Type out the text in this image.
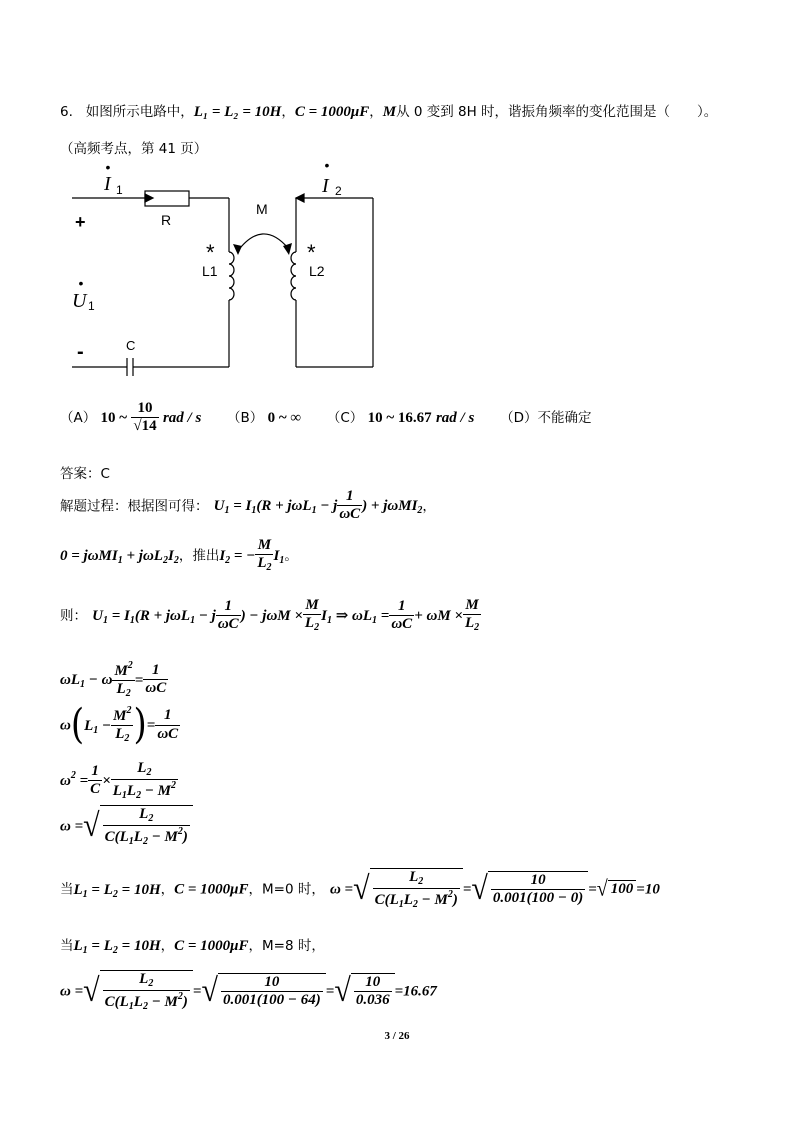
6. 如图所示电路中，L₁ = L₂ = 10H，C = 1000μF，M从 0 变到 8H 时，谐振角频率的变化范围是（　　）。
（高频考点，第 41 页）
•
I 1
•
I 2
R
M
*
L1
*
L2
+
•
U 1
-	C
（A） 10 ~ $\frac{10}{√14}$ rad / s （B） 0 ~ ∞ （C） 10 ~ 16.67 rad / s （D）不能确定
答案：C
解题过程：根据图可得： $U_1 = I_1(R + j\omega L_1 - j \frac{1}{\omega C}$ ) + jωMI$_2$，
$0 = j\omega MI_1 + j\omega L_2I_2$，推出$I_2$ = − $\frac{M}{L_2} I_1$。
则： $U_1 = I_1(R + j\omega L_1 - j \frac{1}{\omega C}$ ) − $j\omega M \times \frac{M}{L_2} I_1$ ⇒ $\omega L_1 = \frac{1}{\omega C} + \omega M \times \frac{M}{L_2}$
$\omega L_1 - \omega \frac{M^2}{L_2} = \frac{1}{\omega C}$
$\omega(L_1 - \frac{M^2}{L_2}$ )= $\frac{1}{\omega C}$
$\omega^2 = \frac{1}{C} \times \frac{L_2}{L_1L_2 - M^2}$
ω =√ $\frac{L_2}{C(L_1L_2 - M^2)}$
当$L_1 = L_2 = 10H$，C = 1000μF，M=0 时， ω =√ $\frac{L_2}{C(L_1L_2 - M^2)}$ =√ $\frac{10}{0.001(100 - 0)}$ =√ 100 =10
当$L_1 = L_2 = 10H$，C = 1000μF，M=8 时，
ω =√ $\frac{L_2}{C(L_1L_2 - M^2)}$ =√ $\frac{10}{0.001(100 - 64)}$ =√ $\frac{10}{0.036} =16.67$
3 / 26
